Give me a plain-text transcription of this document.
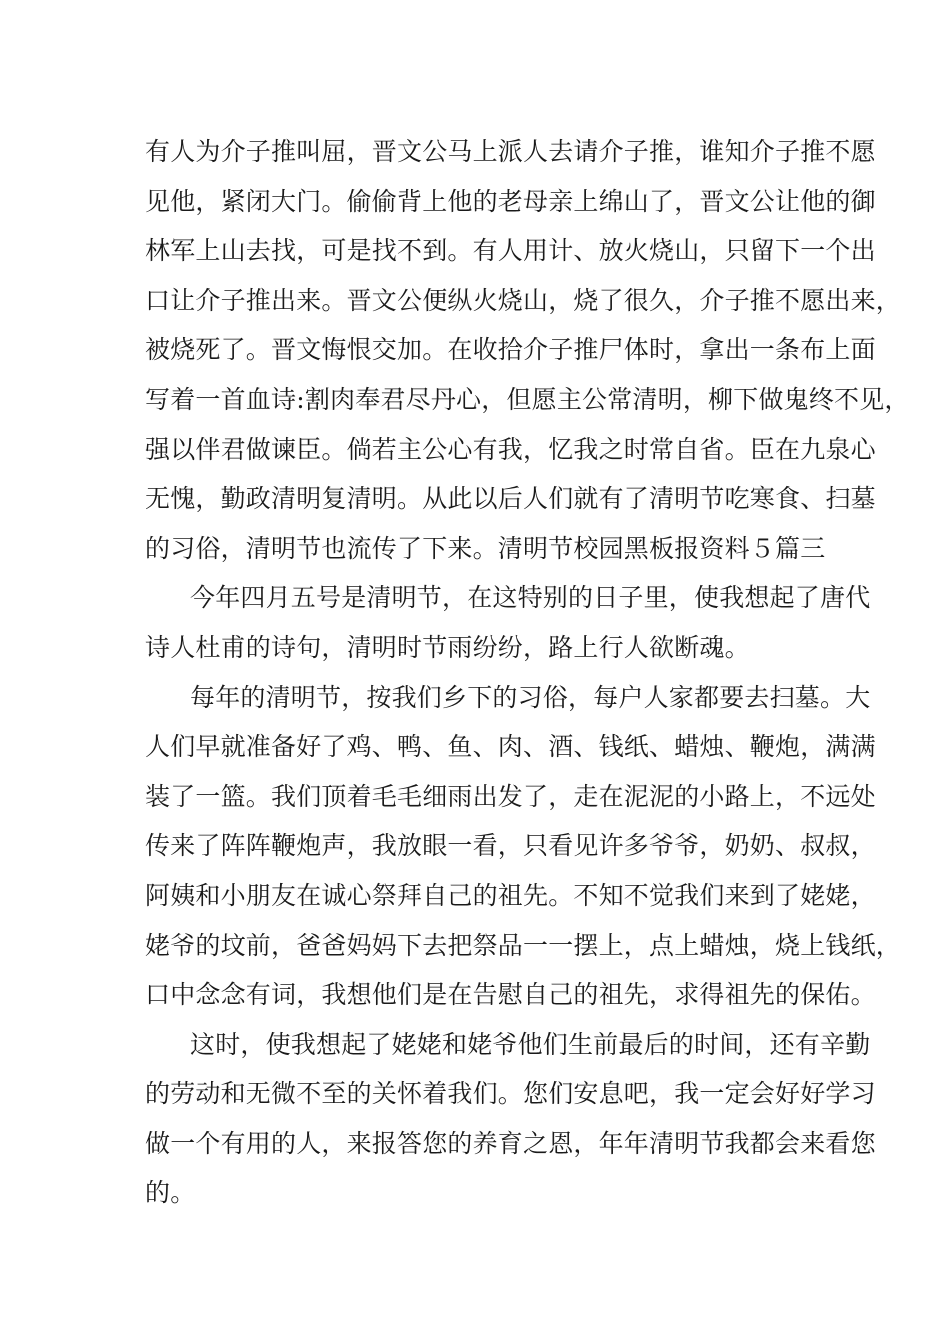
有人为介子推叫屈，晋文公马上派人去请介子推，谁知介子推不愿
见他，紧闭大门。偷偷背上他的老母亲上绵山了，晋文公让他的御
林军上山去找，可是找不到。有人用计、放火烧山，只留下一个出
口让介子推出来。晋文公便纵火烧山，烧了很久，介子推不愿出来，
被烧死了。晋文悔恨交加。在收拾介子推尸体时，拿出一条布上面
写着一首血诗:割肉奉君尽丹心，但愿主公常清明，柳下做鬼终不见，
强以伴君做谏臣。倘若主公心有我，忆我之时常自省。臣在九泉心
无愧，勤政清明复清明。从此以后人们就有了清明节吃寒食、扫墓
的习俗，清明节也流传了下来。清明节校园黑板报资料５篇三
今年四月五号是清明节，在这特别的日子里，使我想起了唐代
诗人杜甫的诗句，清明时节雨纷纷，路上行人欲断魂。
每年的清明节，按我们乡下的习俗，每户人家都要去扫墓。大
人们早就准备好了鸡、鸭、鱼、肉、酒、钱纸、蜡烛、鞭炮，满满
装了一篮。我们顶着毛毛细雨出发了，走在泥泥的小路上，不远处
传来了阵阵鞭炮声，我放眼一看，只看见许多爷爷，奶奶、叔叔，
阿姨和小朋友在诚心祭拜自己的祖先。不知不觉我们来到了姥姥，
姥爷的坟前，爸爸妈妈下去把祭品一一摆上，点上蜡烛，烧上钱纸，
口中念念有词，我想他们是在告慰自己的祖先，求得祖先的保佑。
这时，使我想起了姥姥和姥爷他们生前最后的时间，还有辛勤
的劳动和无微不至的关怀着我们。您们安息吧，我一定会好好学习
做一个有用的人，来报答您的养育之恩，年年清明节我都会来看您
的。
